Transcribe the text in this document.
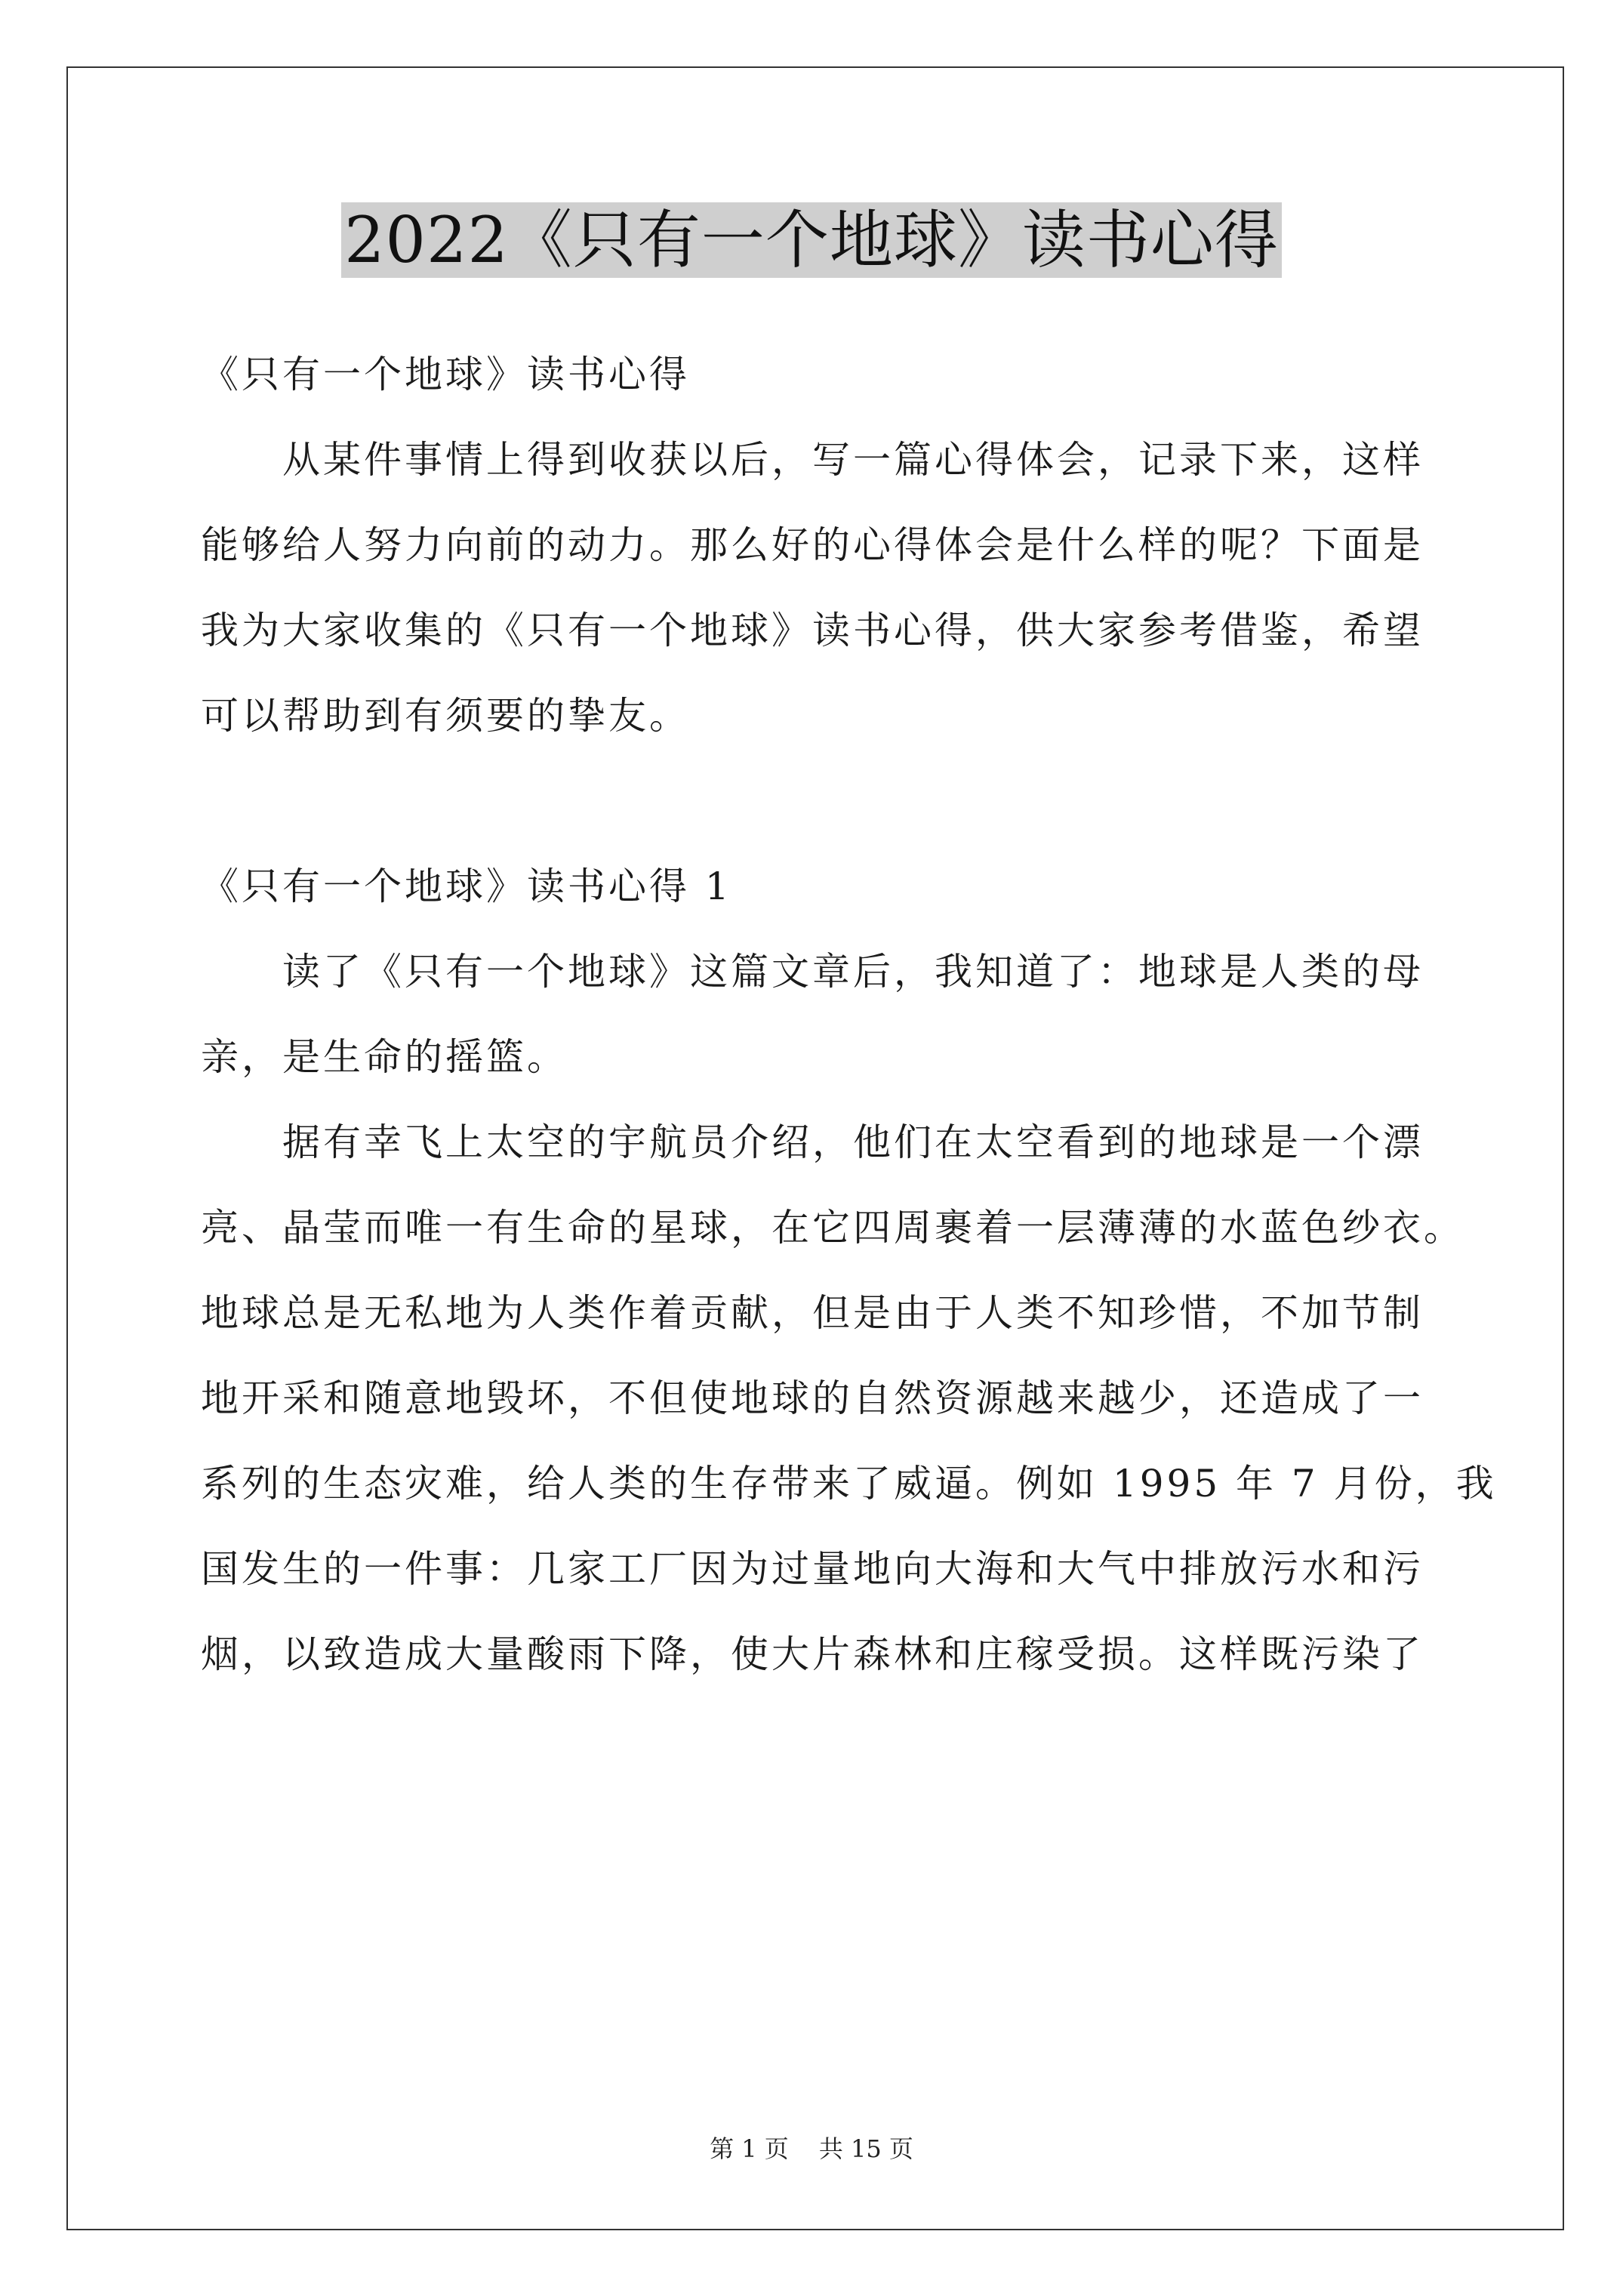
2022《只有一个地球》读书心得
《只有一个地球》读书心得
从某件事情上得到收获以后，写一篇心得体会，记录下来，这样
能够给人努力向前的动力。那么好的心得体会是什么样的呢？下面是
我为大家收集的《只有一个地球》读书心得，供大家参考借鉴，希望
可以帮助到有须要的挚友。
《只有一个地球》读书心得 1
读了《只有一个地球》这篇文章后，我知道了：地球是人类的母
亲，是生命的摇篮。
据有幸飞上太空的宇航员介绍，他们在太空看到的地球是一个漂
亮、晶莹而唯一有生命的星球，在它四周裹着一层薄薄的水蓝色纱衣。
地球总是无私地为人类作着贡献，但是由于人类不知珍惜，不加节制
地开采和随意地毁坏，不但使地球的自然资源越来越少，还造成了一
系列的生态灾难，给人类的生存带来了威逼。例如 1995 年 7 月份，我
国发生的一件事：几家工厂因为过量地向大海和大气中排放污水和污
烟，以致造成大量酸雨下降，使大片森林和庄稼受损。这样既污染了
第 1 页 共 15 页
